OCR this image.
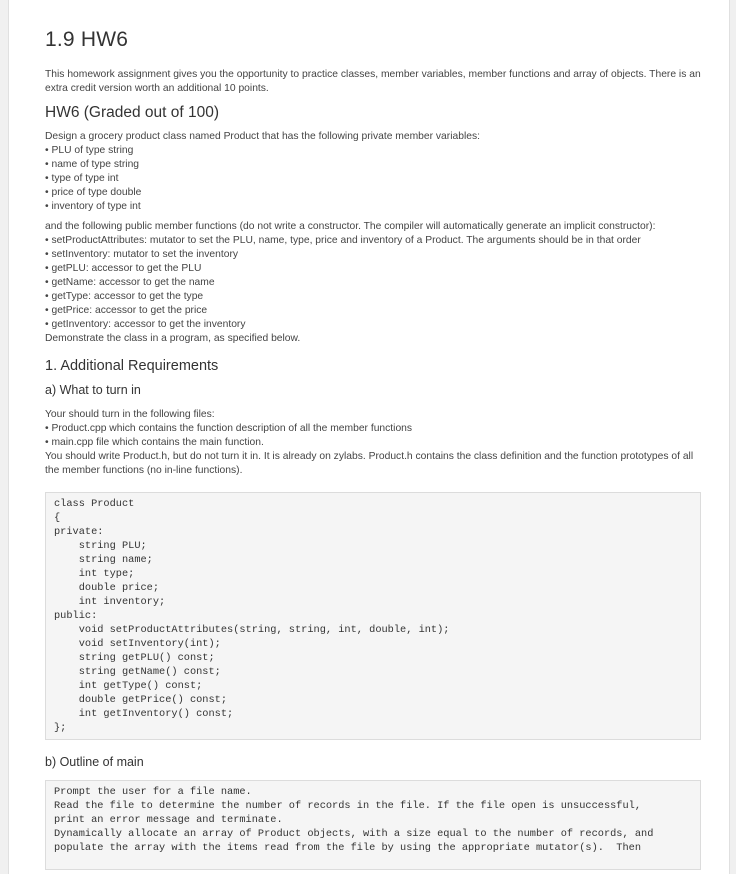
1.9 HW6

This homework assignment gives you the opportunity to practice classes, member variables, member functions and array of objects. There is an extra credit version worth an additional 10 points.

HW6 (Graded out of 100)

Design a grocery product class named Product that has the following private member variables:

• PLU of type string
• name of type string
• type of type int
• price of type double
• inventory of type int

and the following public member functions (do not write a constructor. The compiler will automatically generate an implicit constructor):

• setProductAttributes: mutator to set the PLU, name, type, price and inventory of a Product. The arguments should be in that order
• setInventory: mutator to set the inventory
• getPLU: accessor to get the PLU
• getName: accessor to get the name
• getType: accessor to get the type
• getPrice: accessor to get the price
• getInventory: accessor to get the inventory

Demonstrate the class in a program, as specified below.

1. Additional Requirements
a) What to turn in

Your should turn in the following files:

• Product.cpp which contains the function description of all the member functions
• main.cpp file which contains the main function.

You should write Product.h, but do not turn it in. It is already on zylabs. Product.h contains the class definition and the function prototypes of all the member functions (no in-line functions).

class Product
{
private:
string PLU;
string name;
int type;
double price;
int inventory;
public:
void setProductAttributes(string, string, int, double, int);
void setInventory(int);
string getPLU() const;
string getName() const;
int getType() const;
double getPrice() const;
int getInventory() const;
};
b) Outline of main
Prompt the user for a file name.
Read the file to determine the number of records in the file. If the file open is unsuccessful,
print an error message and terminate.
Dynamically allocate an array of Product objects, with a size equal to the number of records, and
populate the array with the items read from the file by using the appropriate mutator(s).  Then
